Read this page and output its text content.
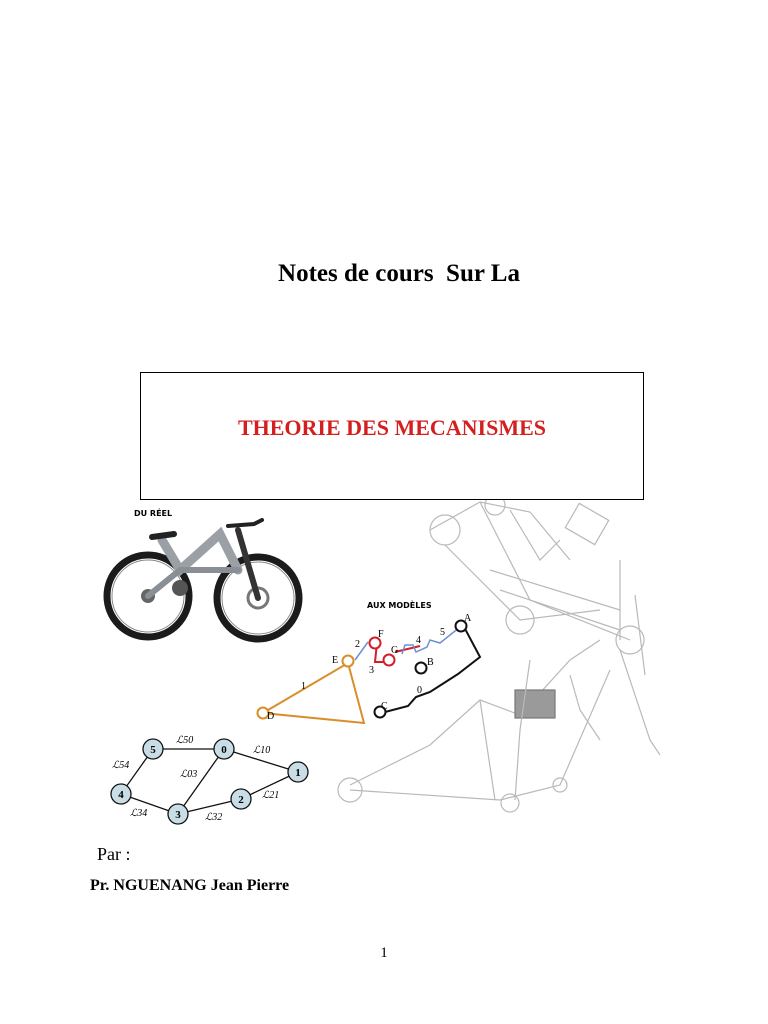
Notes de cours  Sur La
THEORIE DES MECANISMES
DU RÉEL
AUX MODÈLES
A
B
C
D
E
F
G
1
2
3
4
5
0
5	0
1
4
3
2
ℒ50
ℒ10
ℒ54
ℒ03
ℒ21
ℒ34	ℒ32
Par :
Pr. NGUENANG Jean Pierre
1
